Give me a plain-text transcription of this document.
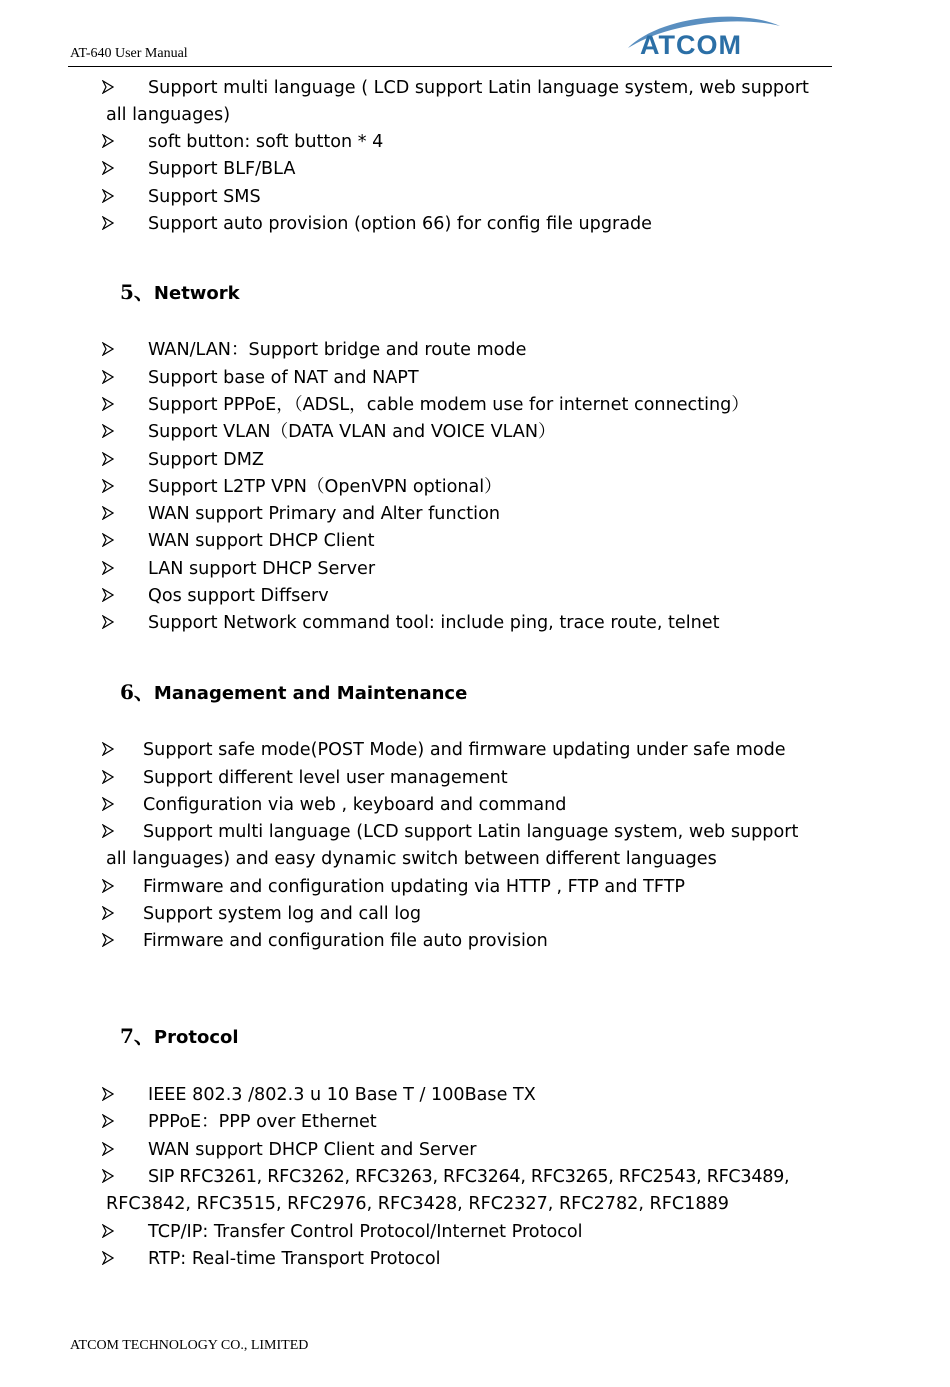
AT-640 User Manual	ATCOM
Support multi language ( LCD support Latin language system, web support
all languages)
soft button: soft button * 4
Support BLF/BLA
Support SMS
Support auto provision (option 66) for config file upgrade
5、Network
WAN/LAN：Support bridge and route mode
Support base of NAT and NAPT
Support PPPoE，（ADSL，cable modem use for internet connecting）
Support VLAN（DATA VLAN and VOICE VLAN）
Support DMZ
Support L2TP VPN（OpenVPN optional）
WAN support Primary and Alter function
WAN support DHCP Client
LAN support DHCP Server
Qos support Diffserv
Support Network command tool: include ping, trace route, telnet
6、Management and Maintenance
Support safe mode(POST Mode) and firmware updating under safe mode
Support different level user management
Configuration via web , keyboard and command
Support multi language (LCD support Latin language system, web support
all languages) and easy dynamic switch between different languages
Firmware and configuration updating via HTTP , FTP and TFTP
Support system log and call log
Firmware and configuration file auto provision
7、Protocol
IEEE 802.3 /802.3 u 10 Base T / 100Base TX
PPPoE：PPP over Ethernet
WAN support DHCP Client and Server
SIP RFC3261, RFC3262, RFC3263, RFC3264, RFC3265, RFC2543, RFC3489,
RFC3842, RFC3515, RFC2976, RFC3428, RFC2327, RFC2782, RFC1889
TCP/IP: Transfer Control Protocol/Internet Protocol
RTP: Real-time Transport Protocol
ATCOM TECHNOLOGY CO., LIMITED
